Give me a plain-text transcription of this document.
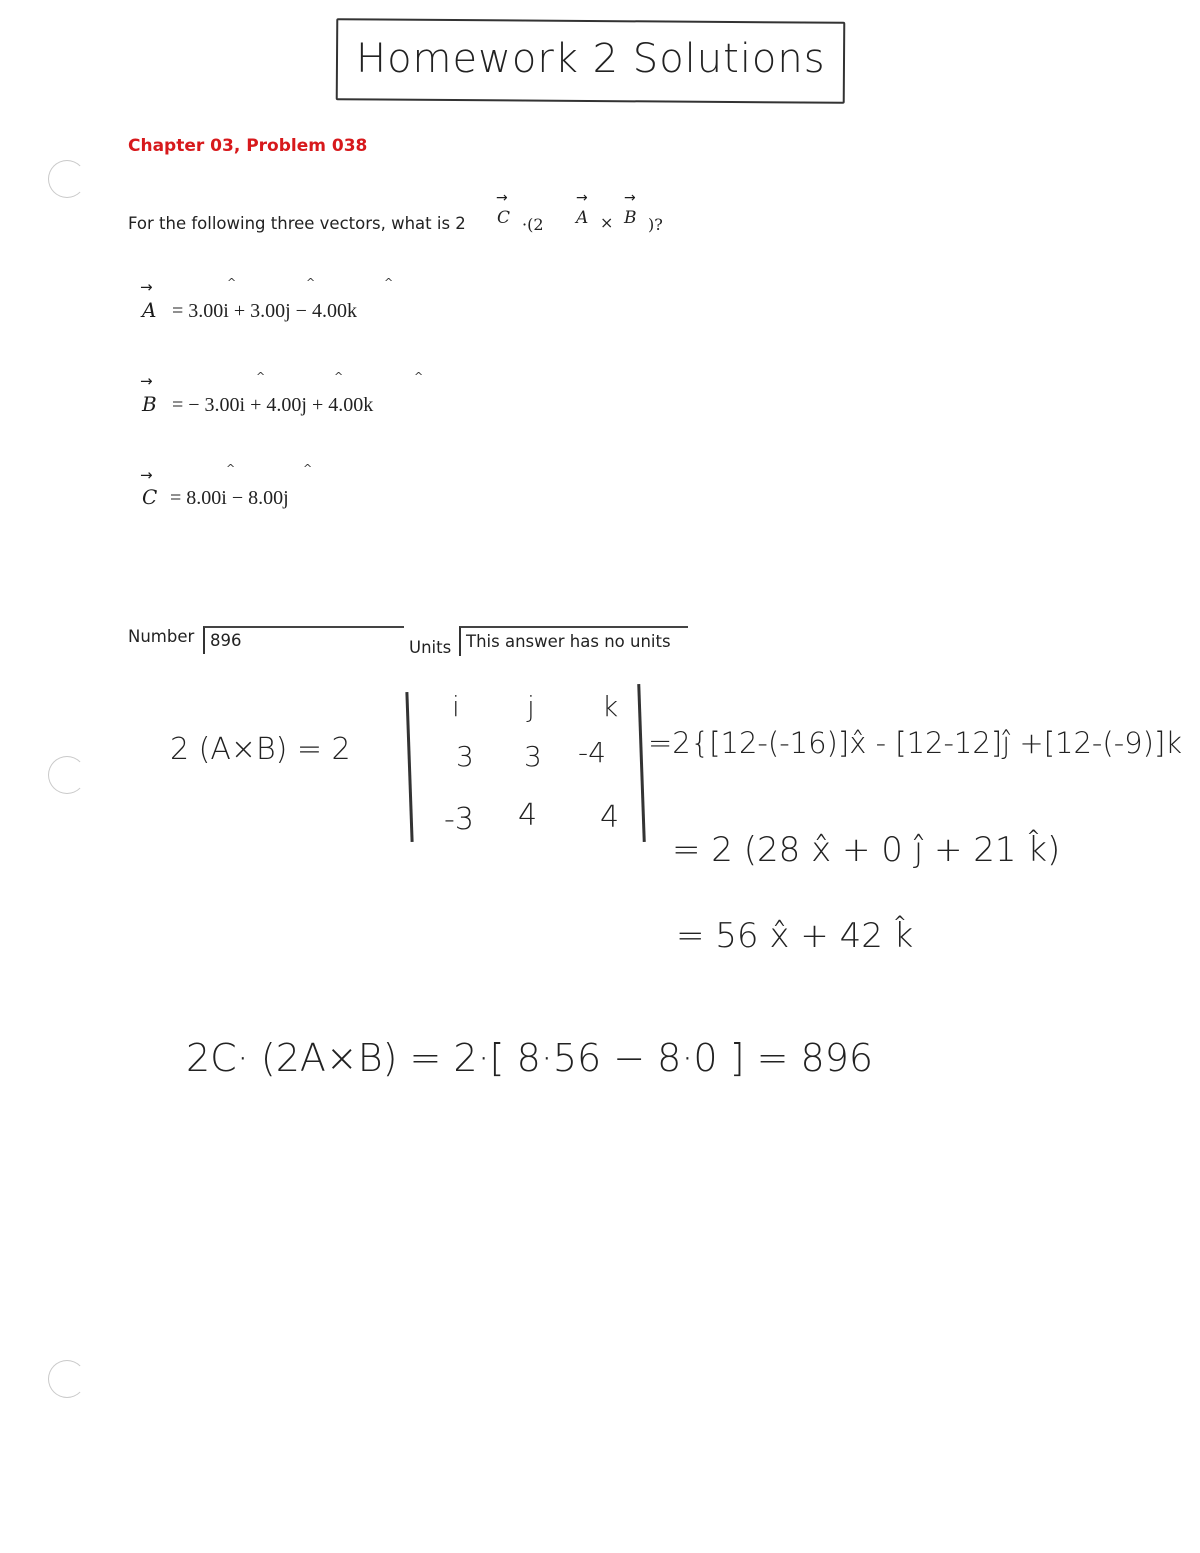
Homework 2 Solutions
Chapter 03, Problem 038
For the following three vectors, what is 2
→
C ·(2
→
A ×
→
B )?
→
A = 3.00i + 3.00j − 4.00k
^	^	^
→
B = − 3.00i + 4.00j + 4.00k
^	^	^
→
C = 8.00i − 8.00j
^	^
Number 896	Units This answer has no units
2 (A×B) = 2
i j k
3 3 -4
-3 4 4
=2{[12-(-16)]x̂ - [12-12]ĵ +[12-(-9)]k
= 2 (28 x̂ + 0 ĵ + 21 k̂)
= 56 x̂ + 42 k̂
2C· (2A×B) = 2·[ 8·56 − 8·0 ] = 896
